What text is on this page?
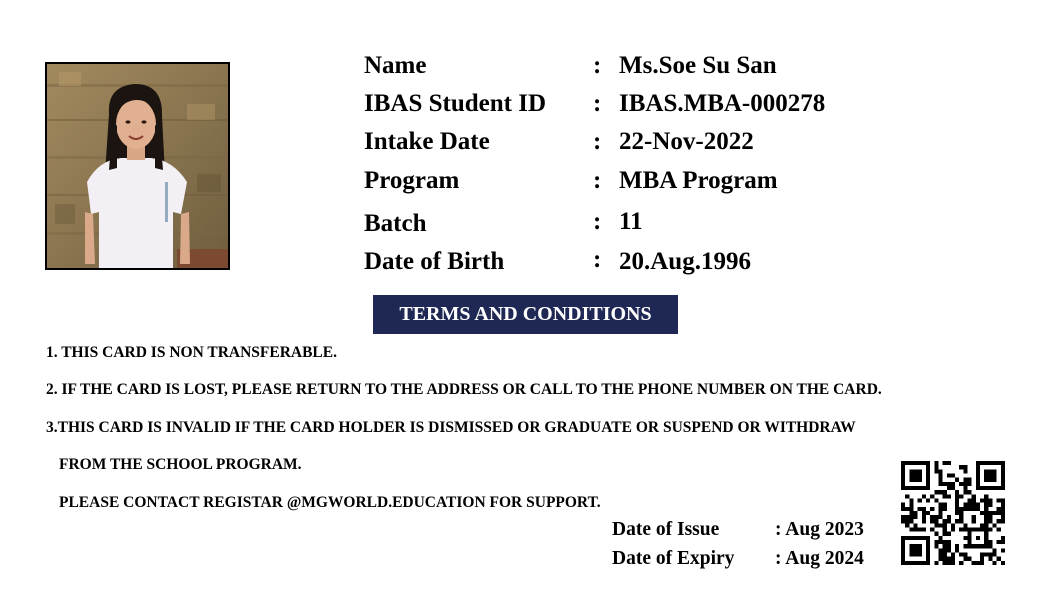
Name	: Ms.Soe Su San
IBAS Student ID : IBAS.MBA-000278
Intake Date	: 22-Nov-2022
Program	: MBA Program
Batch	: 11
Date of Birth	: 20.Aug.1996
TERMS AND CONDITIONS
1. THIS CARD IS NON TRANSFERABLE.
2. IF THE CARD IS LOST, PLEASE RETURN TO THE ADDRESS OR CALL TO THE PHONE NUMBER ON THE CARD.
3.THIS CARD IS INVALID IF THE CARD HOLDER IS DISMISSED OR GRADUATE OR SUSPEND OR WITHDRAW
FROM THE SCHOOL PROGRAM.
PLEASE CONTACT REGISTAR @MGWORLD.EDUCATION FOR SUPPORT.
Date of Issue	: Aug 2023
Date of Expiry : Aug 2024
